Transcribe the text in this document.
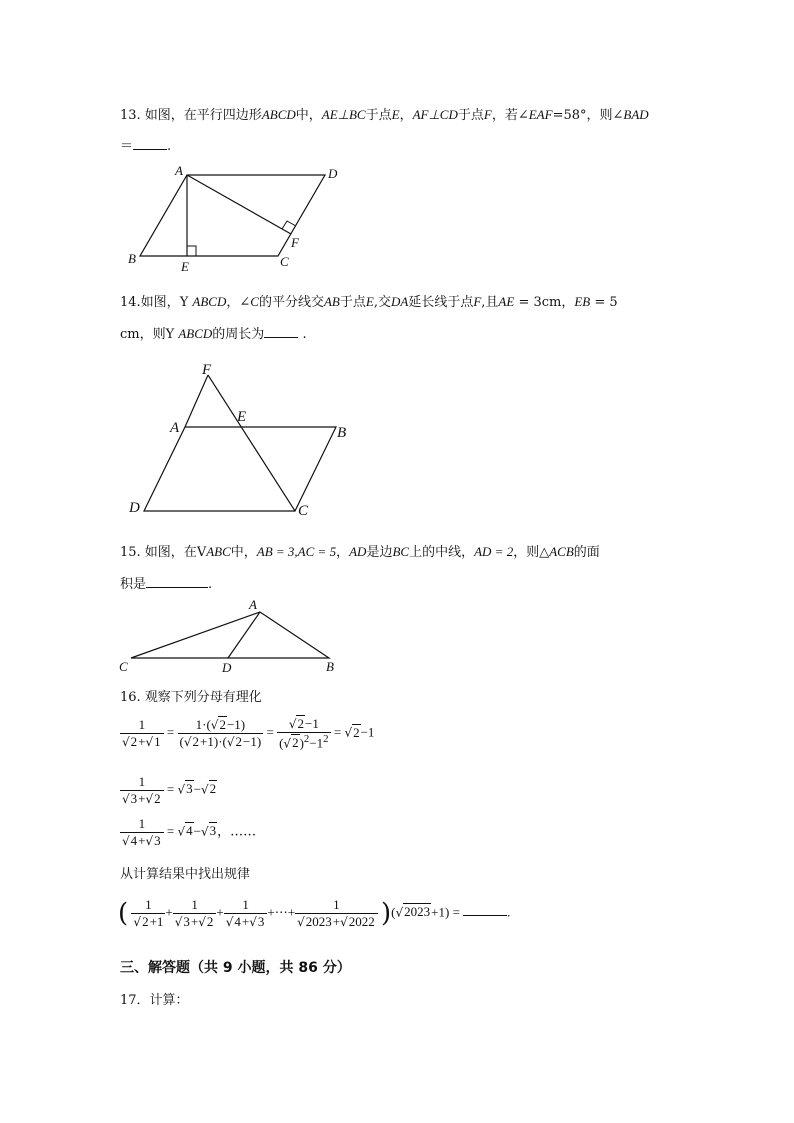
13. 如图，在平行四边形ABCD中，AE⊥BC于点E，AF⊥CD于点F，若∠EAF=58°，则∠BAD
＝	.
A	D
B
E	C
F
14.如图，Y ABCD，∠C的平分线交AB于点E,交DA延长线于点F,且AE = 3cm，EB = 5
cm，则Y ABCD的周长为	.
F
A
E
B
D	C
15. 如图，在VABC中，AB = 3,AC = 5，AD是边BC上的中线，AD = 2，则△ACB的面
积是	.
A
C	D	B
16. 观察下列分母有理化
$\frac{1}{√2+√1} = \frac{1\cdot(√2-1)}{(√2+1)\cdot(√2-1)} = \frac{√2-1}{(√2)^2-1^2} = √2-1$
$\frac{1}{√3+√2} = √3-√2$
$\frac{1}{√4+√3} = √4-√3$，……
从计算结果中找出规律
( $\frac{1}{√2+1} + \frac{1}{√3+√2} + \frac{1}{√4+√3}$ +⋯+ $\frac{1}{√2023+√2022} )(√2023+1)$ =	.
三、解答题（共 9 小题，共 86 分）
17．计算：
